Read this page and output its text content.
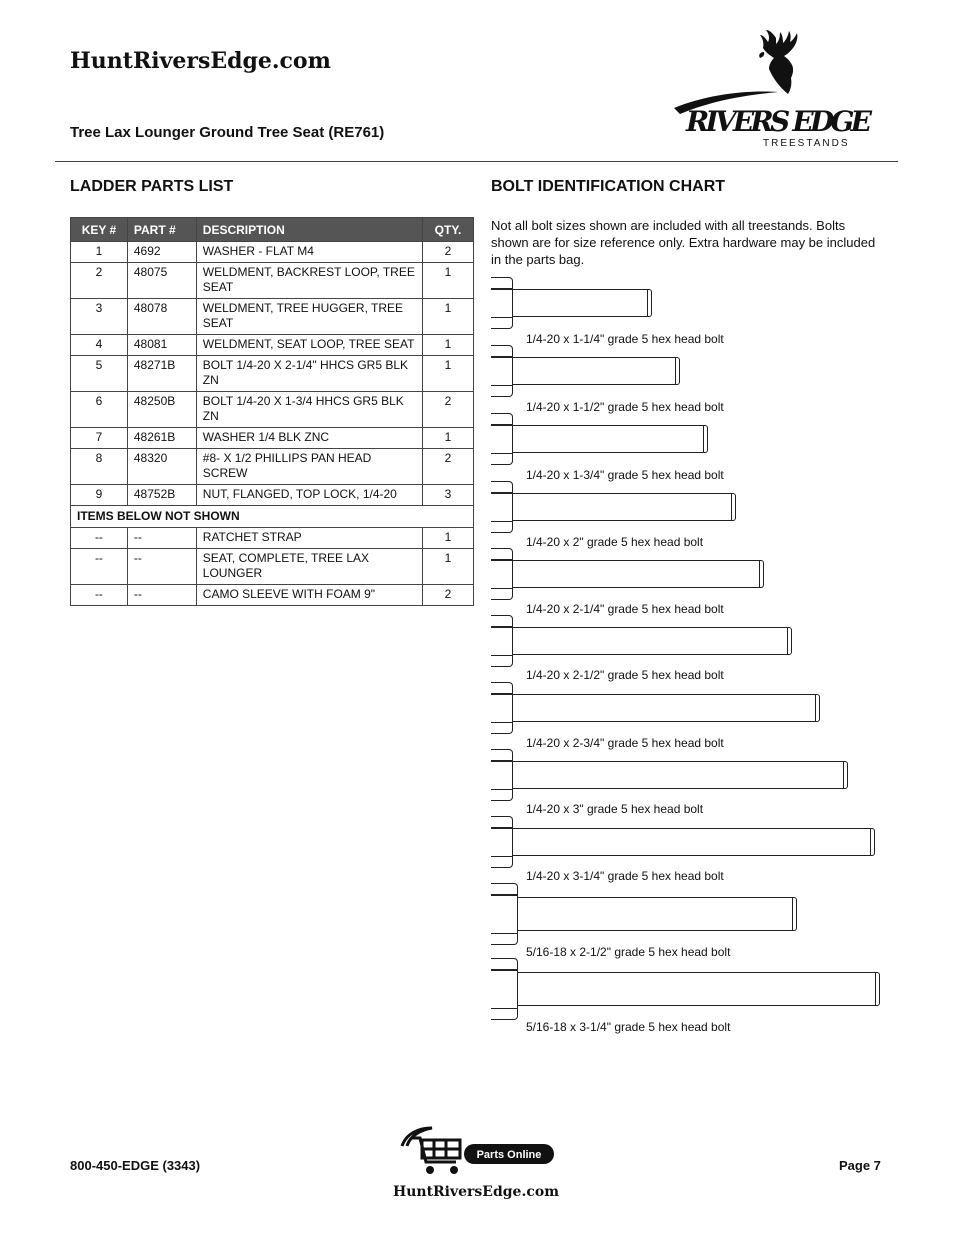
HuntRiversEdge.com
Tree Lax Lounger Ground Tree Seat (RE761)	RIVERS EDGE
TREESTANDS
LADDER PARTS LIST
KEY #	PART #	DESCRIPTION	QTY.
1	4692	WASHER - FLAT M4	2
2	48075	WELDMENT, BACKREST LOOP, TREE SEAT	1
3	48078	WELDMENT, TREE HUGGER, TREE SEAT	1
4	48081	WELDMENT, SEAT LOOP, TREE SEAT	1
5	48271B	BOLT 1/4-20 X 2-1/4" HHCS GR5 BLK ZN	1
6	48250B	BOLT 1/4-20 X 1-3/4 HHCS GR5 BLK ZN	2
7	48261B	WASHER 1/4 BLK ZNC	1
8	48320	#8- X 1/2 PHILLIPS PAN HEAD SCREW	2
9	48752B	NUT, FLANGED, TOP LOCK, 1/4-20	3
ITEMS BELOW NOT SHOWN			
--	--	RATCHET STRAP	1
--	--	SEAT, COMPLETE, TREE LAX LOUNGER	1
--	--	CAMO SLEEVE WITH FOAM 9"	2
BOLT IDENTIFICATION CHART
Not all bolt sizes shown are included with all treestands. Bolts shown are for size reference only. Extra hardware may be included in the parts bag.
1/4-20 x 1-1/4" grade 5 hex head bolt
1/4-20 x 1-1/2" grade 5 hex head bolt
1/4-20 x 1-3/4" grade 5 hex head bolt
1/4-20 x 2" grade 5 hex head bolt
1/4-20 x 2-1/4" grade 5 hex head bolt
1/4-20 x 2-1/2" grade 5 hex head bolt
1/4-20 x 2-3/4" grade 5 hex head bolt
1/4-20 x 3" grade 5 hex head bolt
1/4-20 x 3-1/4" grade 5 hex head bolt
5/16-18 x 2-1/2" grade 5 hex head bolt
5/16-18 x 3-1/4" grade 5 hex head bolt
800-450-EDGE (3343)
Parts Online
Page 7
HuntRiversEdge.com
